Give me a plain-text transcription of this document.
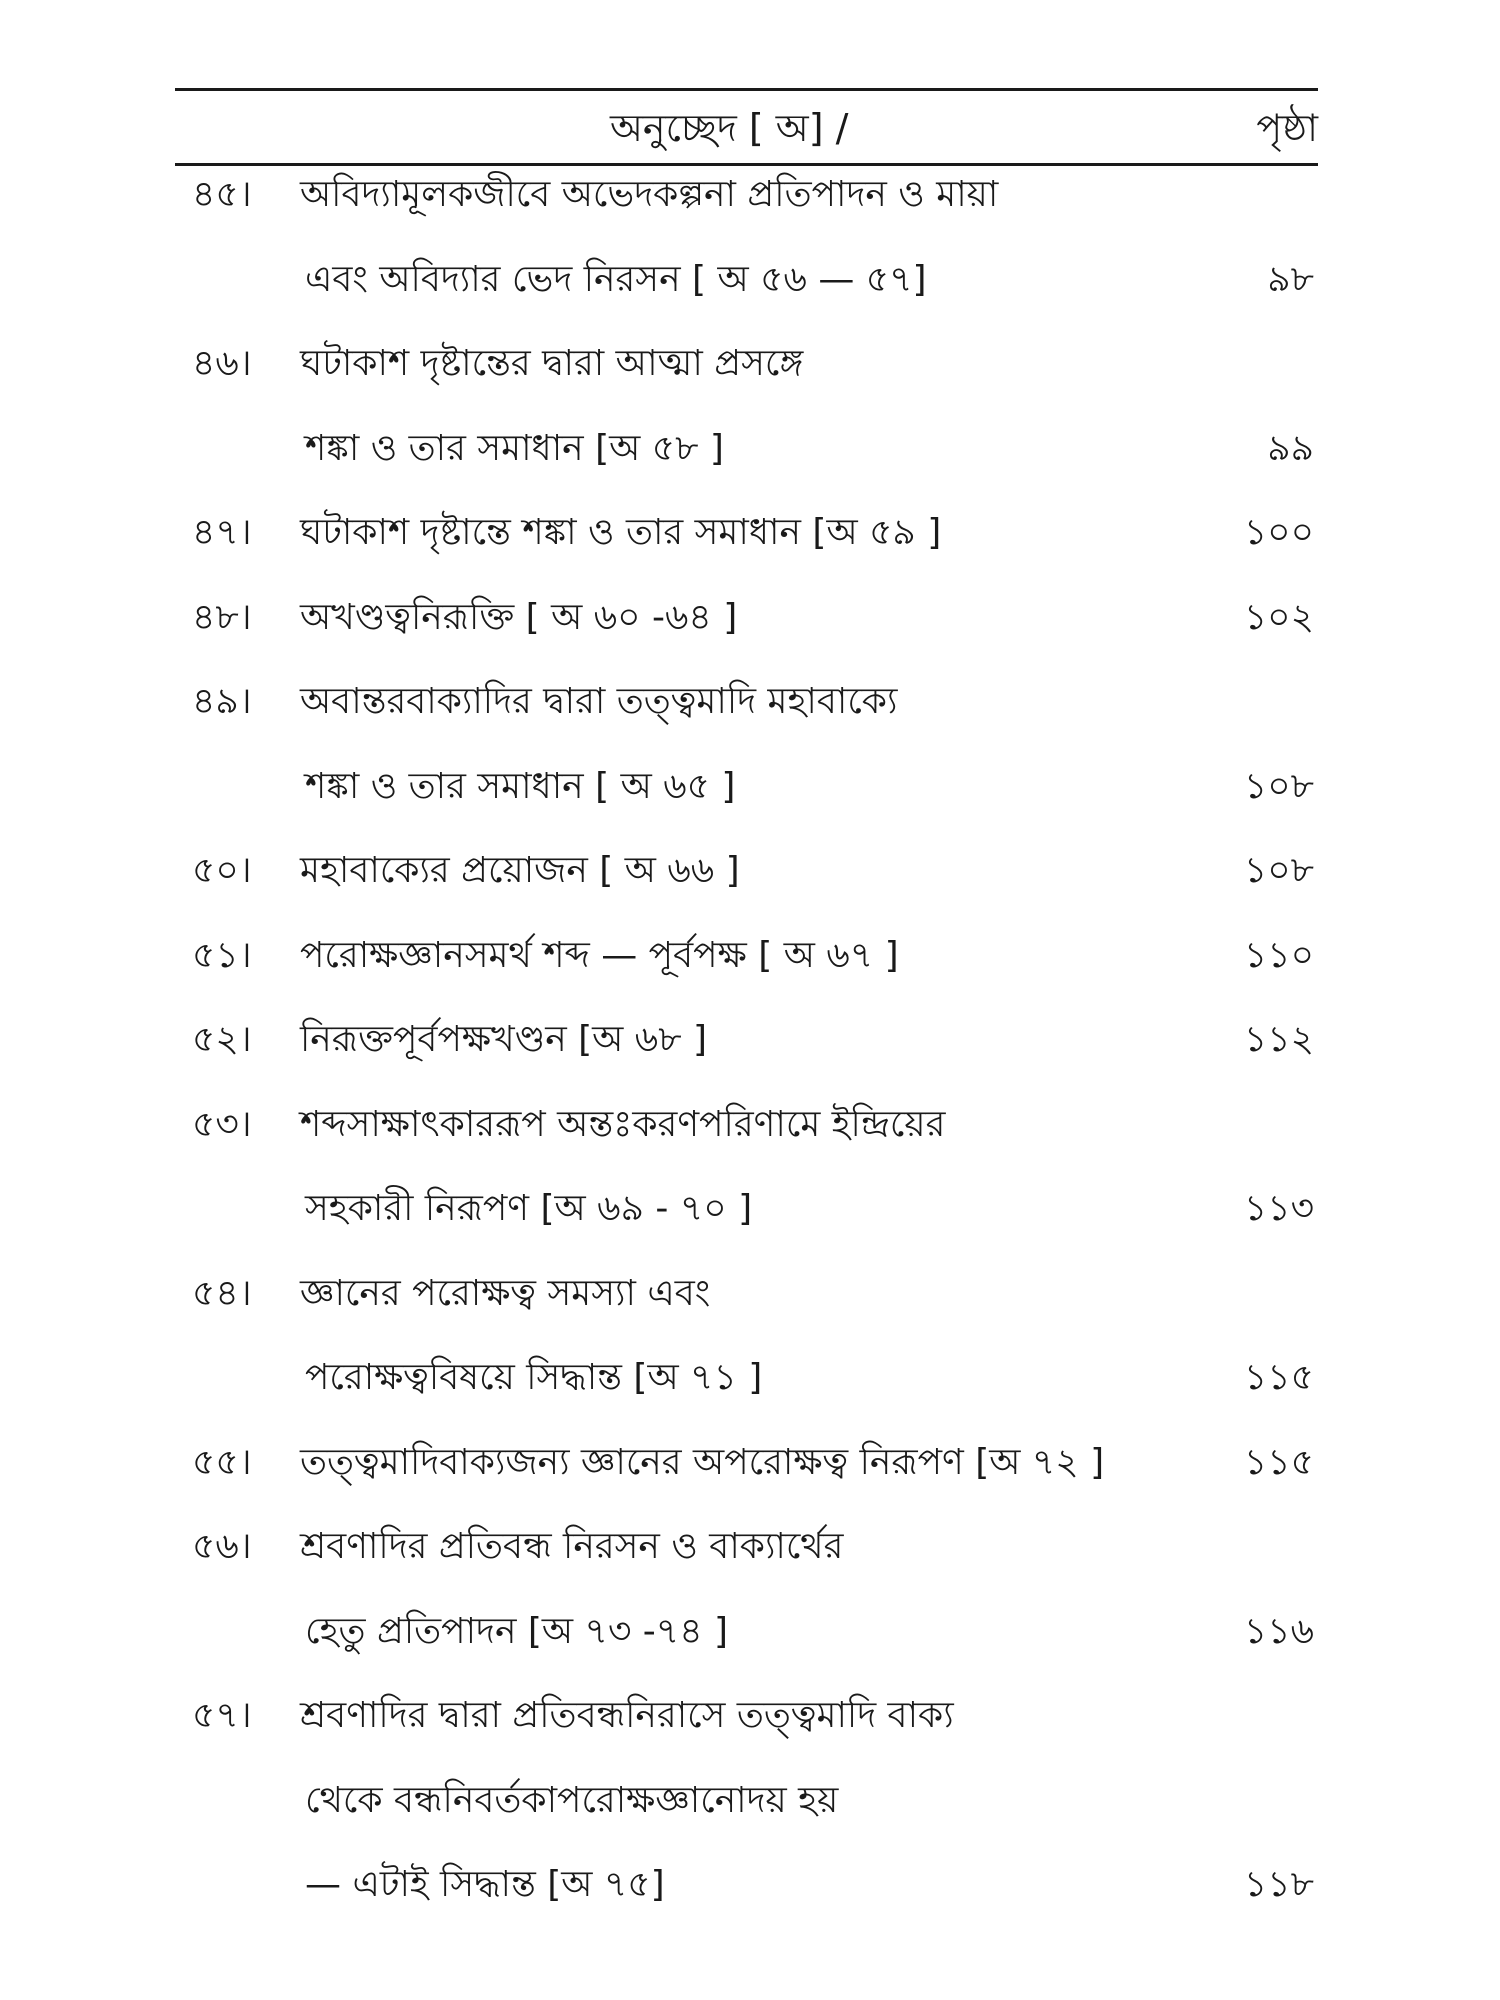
অনুচ্ছেদ [ অ] /	পৃষ্ঠা
৪৫। অবিদ্যামূলকজীবে অভেদকল্পনা প্রতিপাদন ও মায়া
এবং অবিদ্যার ভেদ নিরসন [ অ ৫৬ — ৫৭]	৯৮
৪৬। ঘটাকাশ দৃষ্টান্তের দ্বারা আত্মা প্রসঙ্গে
শঙ্কা ও তার সমাধান [অ ৫৮ ]	৯৯
৪৭। ঘটাকাশ দৃষ্টান্তে শঙ্কা ও তার সমাধান [অ ৫৯ ]	১০০
৪৮। অখণ্ডত্বনিরূক্তি [ অ ৬০ -৬৪ ]	১০২
৪৯। অবান্তরবাক্যাদির দ্বারা তত্ত্বমাদি মহাবাক্যে
শঙ্কা ও তার সমাধান [ অ ৬৫ ]	১০৮
৫০। মহাবাক্যের প্রয়োজন [ অ ৬৬ ]	১০৮
৫১। পরোক্ষজ্ঞানসমর্থ শব্দ — পূর্বপক্ষ [ অ ৬৭ ]	১১০
৫২। নিরূক্তপূর্বপক্ষখণ্ডন [অ ৬৮ ]	১১২
৫৩। শব্দসাক্ষাৎকাররূপ অন্তঃকরণপরিণামে ইন্দ্রিয়ের
সহকারী নিরূপণ [অ ৬৯ - ৭০ ]	১১৩
৫৪। জ্ঞানের পরোক্ষত্ব সমস্যা এবং
পরোক্ষত্ববিষয়ে সিদ্ধান্ত [অ ৭১ ]	১১৫
৫৫। তত্ত্বমাদিবাক্যজন্য জ্ঞানের অপরোক্ষত্ব নিরূপণ [অ ৭২ ]	১১৫
৫৬। শ্রবণাদির প্রতিবন্ধ নিরসন ও বাক্যার্থের
হেতু প্রতিপাদন [অ ৭৩ -৭৪ ]	১১৬
৫৭। শ্রবণাদির দ্বারা প্রতিবন্ধনিরাসে তত্ত্বমাদি বাক্য
থেকে বন্ধনিবর্তকাপরোক্ষজ্ঞানোদয় হয়
— এটাই সিদ্ধান্ত [অ ৭৫]	১১৮
